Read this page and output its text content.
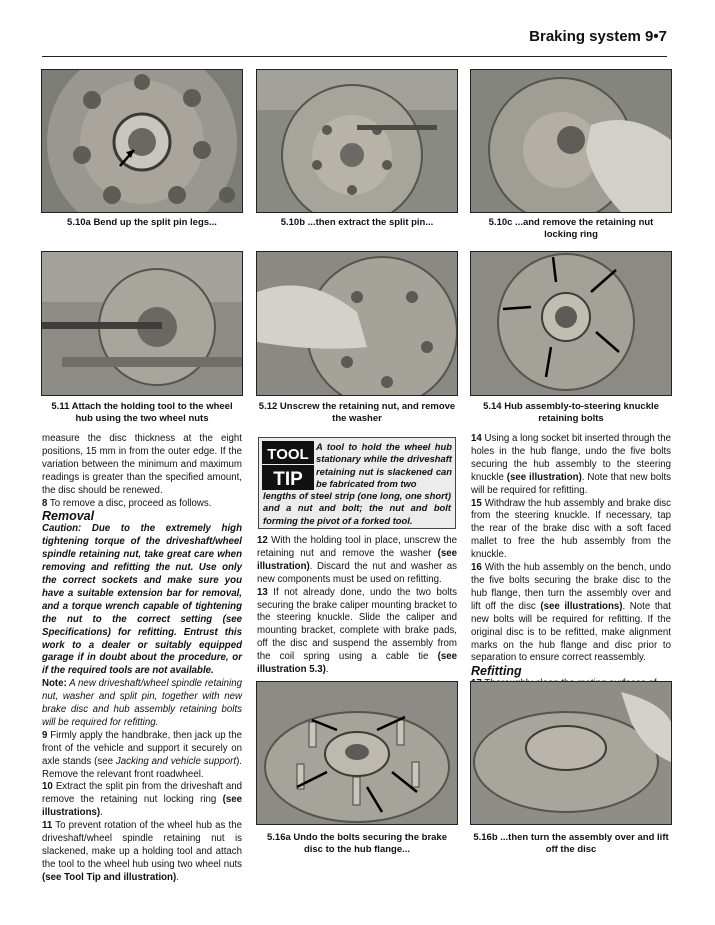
Braking system 9•7
5.10a Bend up the split pin legs...	5.10b ...then extract the split pin...	5.10c ...and remove the retaining nut locking ring
5.11 Attach the holding tool to the wheel hub using the two wheel nuts
5.12 Unscrew the retaining nut, and remove the washer
5.14 Hub assembly-to-steering knuckle retaining bolts

measure the disc thickness at the eight positions, 15 mm in from the outer edge. If the variation between the minimum and maximum readings is greater than the specified amount, the disc should be renewed.

8 To remove a disc, proceed as follows.

Removal

Caution: Due to the extremely high tightening torque of the driveshaft/wheel spindle retaining nut, take great care when removing and refitting the nut. Use only the correct sockets and make sure you have a suitable extension bar for removal, and a torque wrench capable of tightening the nut to the correct setting (see Specifications) for refitting. Entrust this work to a dealer or suitably equipped garage if in doubt about the procedure, or if the required tools are not available.

Note: A new driveshaft/wheel spindle retaining nut, washer and split pin, together with new brake disc and hub assembly retaining bolts will be required for refitting.

9 Firmly apply the handbrake, then jack up the front of the vehicle and support it securely on axle stands (see Jacking and vehicle support). Remove the relevant front roadwheel.

10 Extract the split pin from the driveshaft and remove the retaining nut locking ring (see illustrations).

11 To prevent rotation of the wheel hub as the driveshaft/wheel spindle retaining nut is slackened, make up a holding tool and attach the tool to the wheel hub using two wheel nuts (see Tool Tip and illustration).

TOOL
TIP
A tool to hold the wheel hub stationary while the driveshaft retaining nut is slackened can be fabricated from two
lengths of steel strip (one long, one short) and a nut and bolt; the nut and bolt forming the pivot of a forked tool.

12 With the holding tool in place, unscrew the retaining nut and remove the washer (see illustration). Discard the nut and washer as new components must be used on refitting.

13 If not already done, undo the two bolts securing the brake caliper mounting bracket to the steering knuckle. Slide the caliper and mounting bracket, complete with brake pads, off the disc and suspend the assembly from the coil spring using a cable tie (see illustration 5.3).

14 Using a long socket bit inserted through the holes in the hub flange, undo the five bolts securing the hub assembly to the steering knuckle (see illustration). Note that new bolts will be required for refitting.

15 Withdraw the hub assembly and brake disc from the steering knuckle. If necessary, tap the rear of the brake disc with a soft faced mallet to free the hub assembly from the knuckle.

16 With the hub assembly on the bench, undo the five bolts securing the brake disc to the hub flange, then turn the assembly over and lift off the disc (see illustrations). Note that new bolts will be required for refitting. If the original disc is to be refitted, make alignment marks on the hub flange and disc prior to separation to ensure correct reassembly.

Refitting

5.16a Undo the bolts securing the brake disc to the hub flange...
5.16b ...then turn the assembly over and lift off the disc
